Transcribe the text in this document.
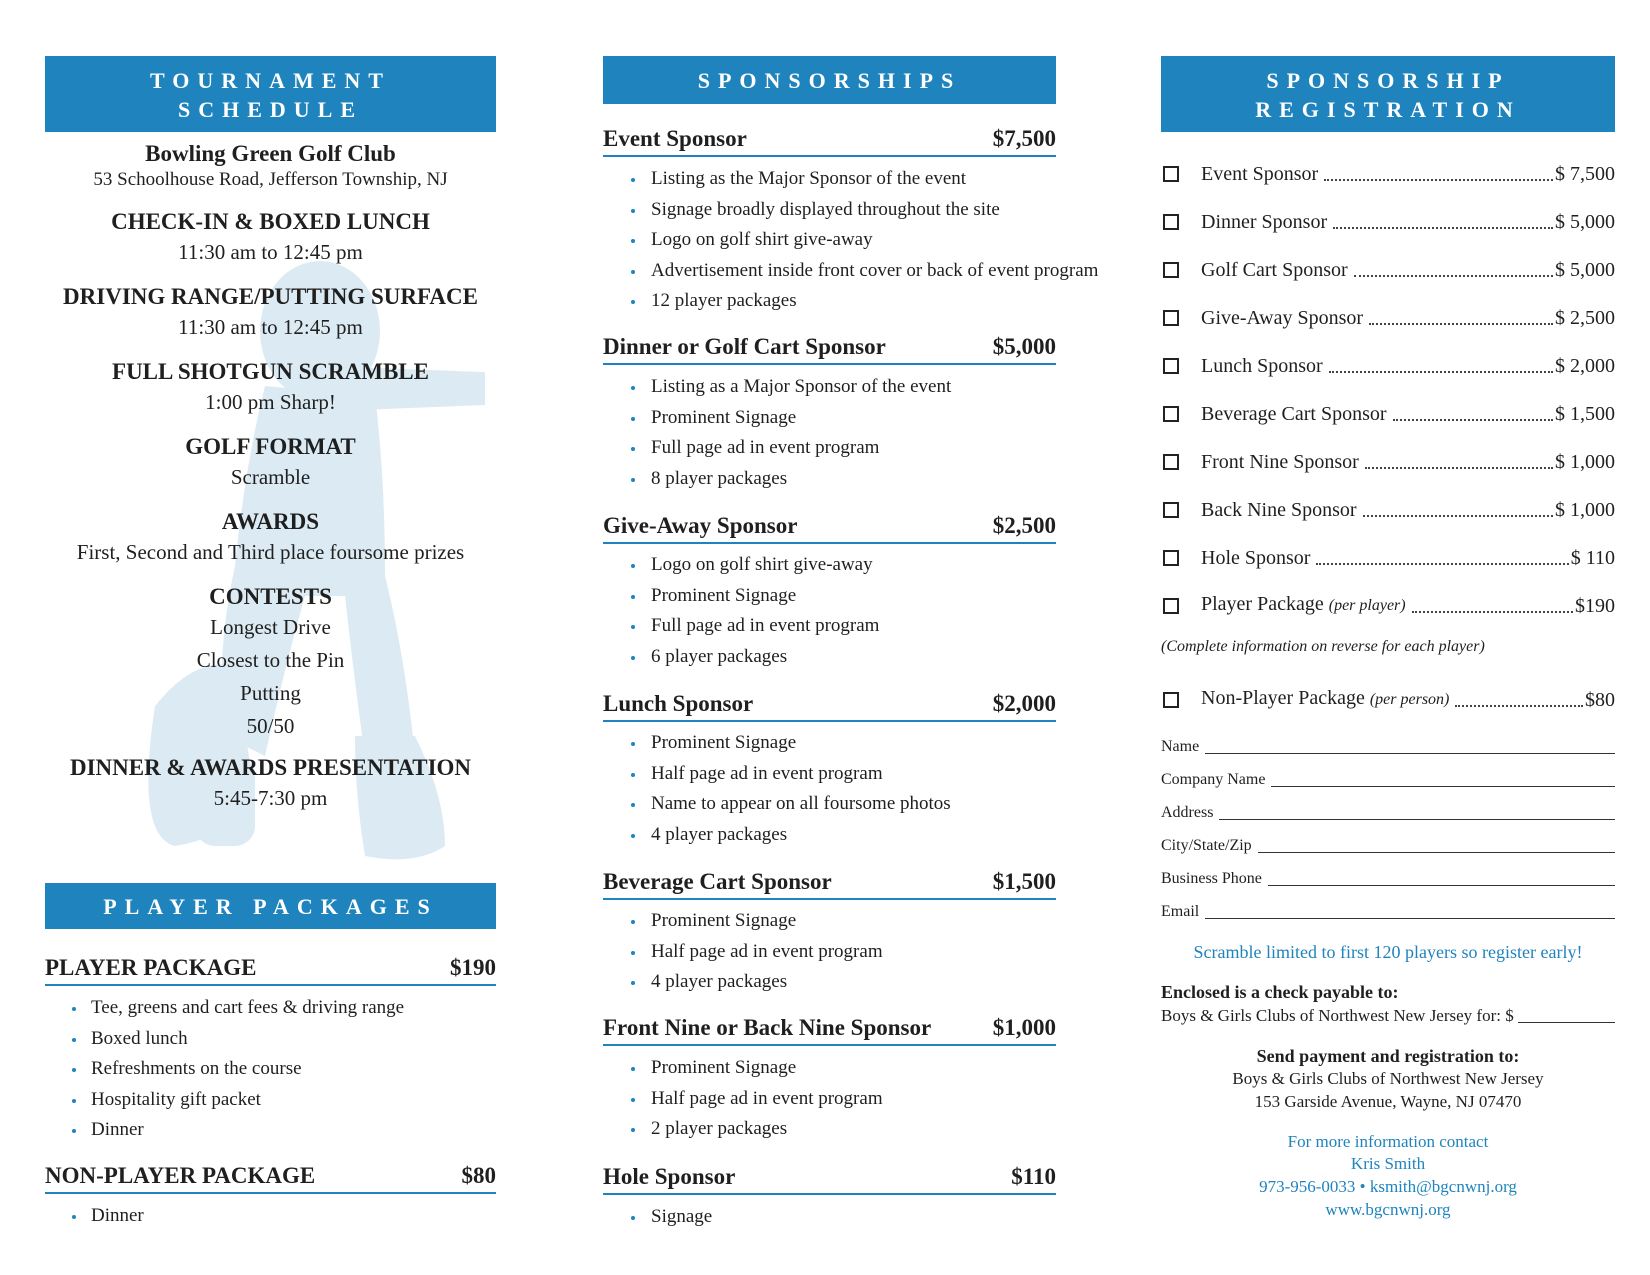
TOURNAMENT
SCHEDULE
Bowling Green Golf Club
53 Schoolhouse Road, Jefferson Township, NJ
CHECK-IN & BOXED LUNCH
11:30 am to 12:45 pm
DRIVING RANGE/PUTTING SURFACE
11:30 am to 12:45 pm
FULL SHOTGUN SCRAMBLE
1:00 pm Sharp!
GOLF FORMAT
Scramble
AWARDS
First, Second and Third place foursome prizes
CONTESTS
Longest Drive
Closest to the Pin
Putting
50/50
DINNER & AWARDS PRESENTATION
5:45-7:30 pm
PLAYER PACKAGES
PLAYER PACKAGE	$190
Tee, greens and cart fees & driving range
Boxed lunch
Refreshments on the course
Hospitality gift packet
Dinner
NON-PLAYER PACKAGE	$80
Dinner
SPONSORSHIPS
Event Sponsor	$7,500
Listing as the Major Sponsor of the event
Signage broadly displayed throughout the site
Logo on golf shirt give-away
Advertisement inside front cover or back of event program
12 player packages
Dinner or Golf Cart Sponsor	$5,000
Listing as a Major Sponsor of the event
Prominent Signage
Full page ad in event program
8 player packages
Give-Away Sponsor	$2,500
Logo on golf shirt give-away
Prominent Signage
Full page ad in event program
6 player packages
Lunch Sponsor	$2,000
Prominent Signage
Half page ad in event program
Name to appear on all foursome photos
4 player packages
Beverage Cart Sponsor	$1,500
Prominent Signage
Half page ad in event program
4 player packages
Front Nine or Back Nine Sponsor	$1,000
Prominent Signage
Half page ad in event program
2 player packages
Hole Sponsor	$110
Signage
SPONSORSHIP
REGISTRATION
Event Sponsor	$ 7,500
Dinner Sponsor	$ 5,000
Golf Cart Sponsor	$ 5,000
Give-Away Sponsor	$ 2,500
Lunch Sponsor	$ 2,000
Beverage Cart Sponsor	$ 1,500
Front Nine Sponsor	$ 1,000
Back Nine Sponsor	$ 1,000
Hole Sponsor	$ 110
Player Package (per player)	$190
(Complete information on reverse for each player)
Non-Player Package (per person)	$80
Name
Company Name
Address
City/State/Zip
Business Phone
Email
Scramble limited to first 120 players so register early!
Enclosed is a check payable to:
Boys & Girls Clubs of Northwest New Jersey for: $
Send payment and registration to:
Boys & Girls Clubs of Northwest New Jersey
153 Garside Avenue, Wayne, NJ 07470
For more information contact
Kris Smith
973-956-0033 • ksmith@bgcnwnj.org
www.bgcnwnj.org
